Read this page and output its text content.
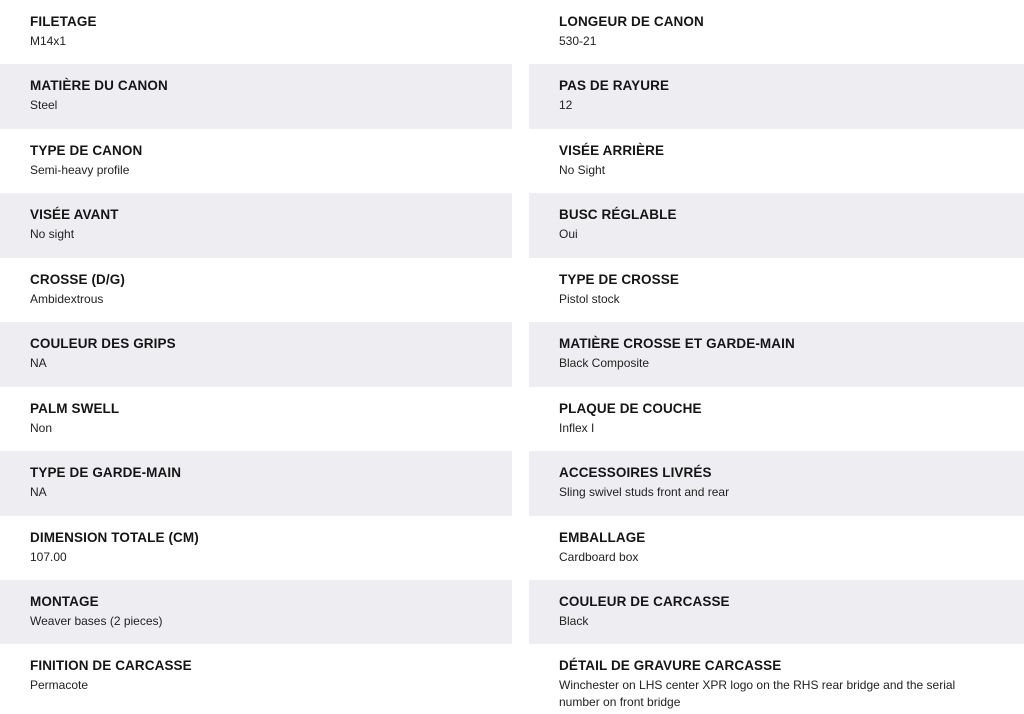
FILETAGE
M14x1
MATIÈRE DU CANON
Steel
TYPE DE CANON
Semi-heavy profile
VISÉE AVANT
No sight
CROSSE (D/G)
Ambidextrous
COULEUR DES GRIPS
NA
PALM SWELL
Non
TYPE DE GARDE-MAIN
NA
DIMENSION TOTALE (CM)
107.00
MONTAGE
Weaver bases (2 pieces)
FINITION DE CARCASSE
Permacote
LONGEUR DE CANON
530-21
PAS DE RAYURE
12
VISÉE ARRIÈRE
No Sight
BUSC RÉGLABLE
Oui
TYPE DE CROSSE
Pistol stock
MATIÈRE CROSSE ET GARDE-MAIN
Black Composite
PLAQUE DE COUCHE
Inflex I
ACCESSOIRES LIVRÉS
Sling swivel studs front and rear
EMBALLAGE
Cardboard box
COULEUR DE CARCASSE
Black
DÉTAIL DE GRAVURE CARCASSE
Winchester on LHS center XPR logo on the RHS rear bridge and the serial number on front bridge
